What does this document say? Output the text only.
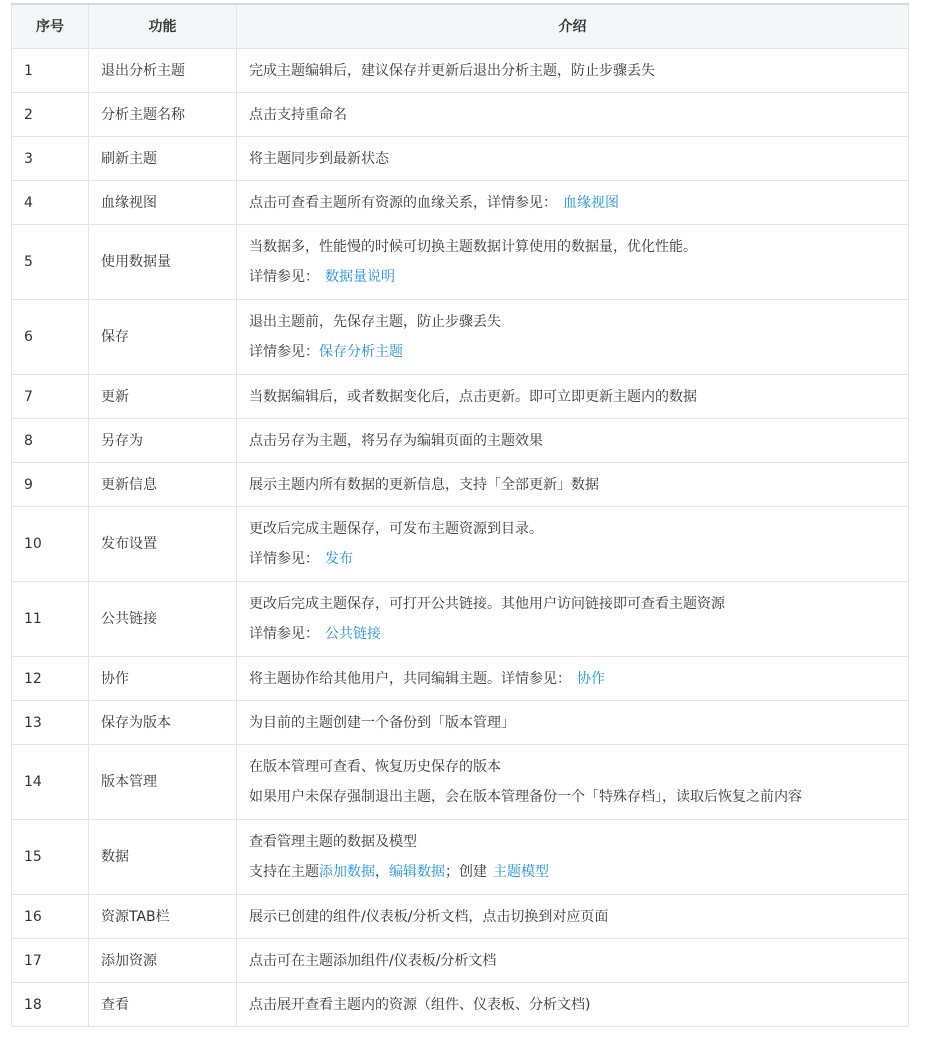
序号	功能	介绍
1	退出分析主题	完成主题编辑后，建议保存并更新后退出分析主题，防止步骤丢失

2	分析主题名称	点击支持重命名

3	刷新主题	将主题同步到最新状态

4	血缘视图	点击可查看主题所有资源的血缘关系，详情参见： 血缘视图

5	使用数据量	当数据多，性能慢的时候可切换主题数据计算使用的数据量，优化性能。
详情参见： 数据量说明

6	保存	退出主题前，先保存主题，防止步骤丢失
详情参见：保存分析主题

7	更新	当数据编辑后，或者数据变化后，点击更新。即可立即更新主题内的数据

8	另存为	点击另存为主题，将另存为编辑页面的主题效果

9	更新信息	展示主题内所有数据的更新信息，支持「全部更新」数据

10	发布设置	更改后完成主题保存，可发布主题资源到目录。
详情参见： 发布

11	公共链接	更改后完成主题保存，可打开公共链接。其他用户访问链接即可查看主题资源
详情参见： 公共链接

12	协作	将主题协作给其他用户，共同编辑主题。详情参见： 协作

13	保存为版本	为目前的主题创建一个备份到「版本管理」

14	版本管理	在版本管理可查看、恢复历史保存的版本
如果用户未保存强制退出主题，会在版本管理备份一个「特殊存档」，读取后恢复之前内容

15	数据	查看管理主题的数据及模型
支持在主题添加数据，编辑数据；创建 主题模型

16	资源TAB栏	展示已创建的组件/仪表板/分析文档，点击切换到对应页面

17	添加资源	点击可在主题添加组件/仪表板/分析文档

18	查看	点击展开查看主题内的资源（组件、仪表板、分析文档)
